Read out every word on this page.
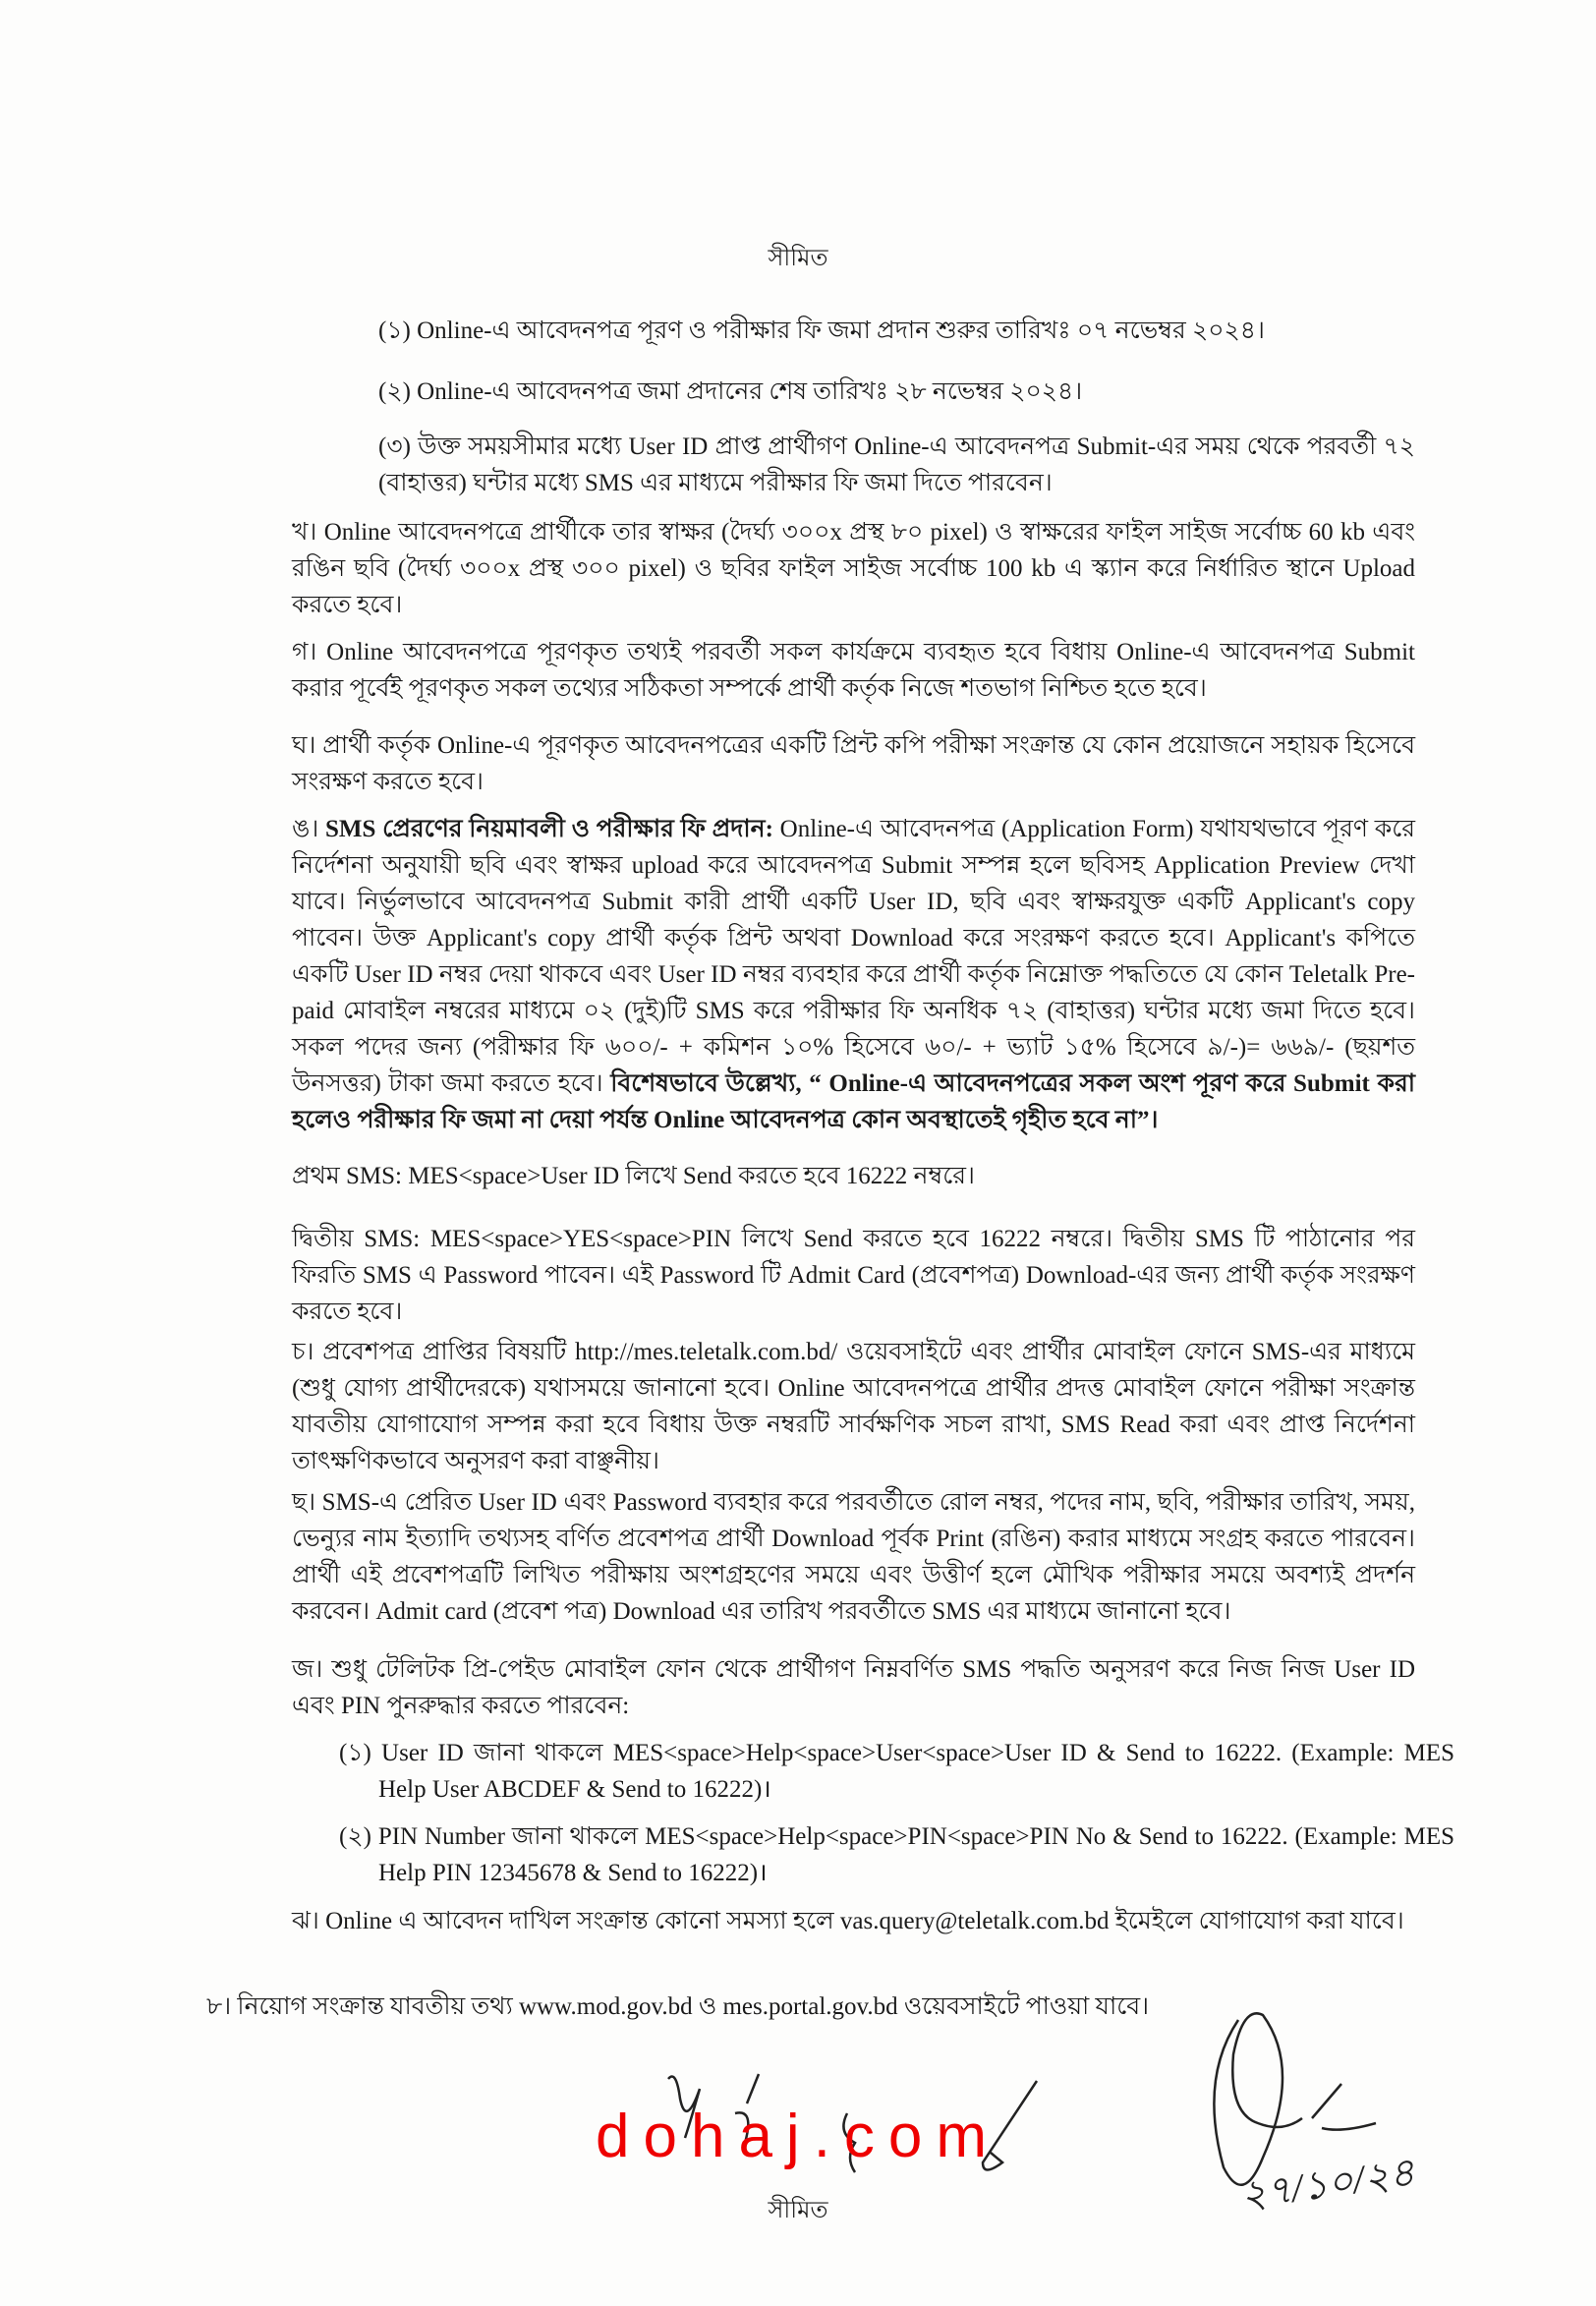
সীমিত
(১) Online-এ আবেদনপত্র পূরণ ও পরীক্ষার ফি জমা প্রদান শুরুর তারিখঃ ০৭ নভেম্বর ২০২৪।
(২) Online-এ আবেদনপত্র জমা প্রদানের শেষ তারিখঃ ২৮ নভেম্বর ২০২৪।
(৩) উক্ত সময়সীমার মধ্যে User ID প্রাপ্ত প্রার্থীগণ Online-এ আবেদনপত্র Submit-এর সময় থেকে পরবর্তী ৭২ (বাহাত্তর) ঘন্টার মধ্যে SMS এর মাধ্যমে পরীক্ষার ফি জমা দিতে পারবেন।
খ। Online আবেদনপত্রে প্রার্থীকে তার স্বাক্ষর (দৈর্ঘ্য ৩০০x প্রস্থ ৮০ pixel) ও স্বাক্ষরের ফাইল সাইজ সর্বোচ্চ 60 kb এবং রঙিন ছবি (দৈর্ঘ্য ৩০০x প্রস্থ ৩০০ pixel) ও ছবির ফাইল সাইজ সর্বোচ্চ 100 kb এ স্ক্যান করে নির্ধারিত স্থানে Upload করতে হবে।
গ। Online আবেদনপত্রে পূরণকৃত তথ্যই পরবর্তী সকল কার্যক্রমে ব্যবহৃত হবে বিধায় Online-এ আবেদনপত্র Submit করার পূর্বেই পূরণকৃত সকল তথ্যের সঠিকতা সম্পর্কে প্রার্থী কর্তৃক নিজে শতভাগ নিশ্চিত হতে হবে।
ঘ। প্রার্থী কর্তৃক Online-এ পূরণকৃত আবেদনপত্রের একটি প্রিন্ট কপি পরীক্ষা সংক্রান্ত যে কোন প্রয়োজনে সহায়ক হিসেবে সংরক্ষণ করতে হবে।
ঙ। SMS প্রেরণের নিয়মাবলী ও পরীক্ষার ফি প্রদান: Online-এ আবেদনপত্র (Application Form) যথাযথভাবে পূরণ করে নির্দেশনা অনুযায়ী ছবি এবং স্বাক্ষর upload করে আবেদনপত্র Submit সম্পন্ন হলে ছবিসহ Application Preview দেখা যাবে। নির্ভুলভাবে আবেদনপত্র Submit কারী প্রার্থী একটি User ID, ছবি এবং স্বাক্ষরযুক্ত একটি Applicant's copy পাবেন। উক্ত Applicant's copy প্রার্থী কর্তৃক প্রিন্ট অথবা Download করে সংরক্ষণ করতে হবে। Applicant's কপিতে একটি User ID নম্বর দেয়া থাকবে এবং User ID নম্বর ব্যবহার করে প্রার্থী কর্তৃক নিম্নোক্ত পদ্ধতিতে যে কোন Teletalk Pre-paid মোবাইল নম্বরের মাধ্যমে ০২ (দুই)টি SMS করে পরীক্ষার ফি অনধিক ৭২ (বাহাত্তর) ঘন্টার মধ্যে জমা দিতে হবে। সকল পদের জন্য (পরীক্ষার ফি ৬০০/- + কমিশন ১০% হিসেবে ৬০/- + ভ্যাট ১৫% হিসেবে ৯/-)= ৬৬৯/- (ছয়শত উনসত্তর) টাকা জমা করতে হবে। বিশেষভাবে উল্লেখ্য, “ Online-এ আবেদনপত্রের সকল অংশ পূরণ করে Submit করা হলেও পরীক্ষার ফি জমা না দেয়া পর্যন্ত Online আবেদনপত্র কোন অবস্থাতেই গৃহীত হবে না”।
প্রথম SMS: MES<space>User ID লিখে Send করতে হবে 16222 নম্বরে।
দ্বিতীয় SMS: MES<space>YES<space>PIN লিখে Send করতে হবে 16222 নম্বরে। দ্বিতীয় SMS টি পাঠানোর পর ফিরতি SMS এ Password পাবেন। এই Password টি Admit Card (প্রবেশপত্র) Download-এর জন্য প্রার্থী কর্তৃক সংরক্ষণ করতে হবে।
চ। প্রবেশপত্র প্রাপ্তির বিষয়টি http://mes.teletalk.com.bd/ ওয়েবসাইটে এবং প্রার্থীর মোবাইল ফোনে SMS-এর মাধ্যমে (শুধু যোগ্য প্রার্থীদেরকে) যথাসময়ে জানানো হবে। Online আবেদনপত্রে প্রার্থীর প্রদত্ত মোবাইল ফোনে পরীক্ষা সংক্রান্ত যাবতীয় যোগাযোগ সম্পন্ন করা হবে বিধায় উক্ত নম্বরটি সার্বক্ষণিক সচল রাখা, SMS Read করা এবং প্রাপ্ত নির্দেশনা তাৎক্ষণিকভাবে অনুসরণ করা বাঞ্ছনীয়।
ছ। SMS-এ প্রেরিত User ID এবং Password ব্যবহার করে পরবর্তীতে রোল নম্বর, পদের নাম, ছবি, পরীক্ষার তারিখ, সময়, ভেন্যুর নাম ইত্যাদি তথ্যসহ বর্ণিত প্রবেশপত্র প্রার্থী Download পূর্বক Print (রঙিন) করার মাধ্যমে সংগ্রহ করতে পারবেন। প্রার্থী এই প্রবেশপত্রটি লিখিত পরীক্ষায় অংশগ্রহণের সময়ে এবং উত্তীর্ণ হলে মৌখিক পরীক্ষার সময়ে অবশ্যই প্রদর্শন করবেন। Admit card (প্রবেশ পত্র) Download এর তারিখ পরবর্তীতে SMS এর মাধ্যমে জানানো হবে।
জ। শুধু টেলিটক প্রি-পেইড মোবাইল ফোন থেকে প্রার্থীগণ নিম্নবর্ণিত SMS পদ্ধতি অনুসরণ করে নিজ নিজ User ID এবং PIN পুনরুদ্ধার করতে পারবেন:
(১) User ID জানা থাকলে MES<space>Help<space>User<space>User ID & Send to 16222. (Example: MES Help User ABCDEF & Send to 16222)।
(২) PIN Number জানা থাকলে MES<space>Help<space>PIN<space>PIN No & Send to 16222. (Example: MES Help PIN 12345678 & Send to 16222)।
ঝ। Online এ আবেদন দাখিল সংক্রান্ত কোনো সমস্যা হলে vas.query@teletalk.com.bd ইমেইলে যোগাযোগ করা যাবে।
৮। নিয়োগ সংক্রান্ত যাবতীয় তথ্য www.mod.gov.bd ও mes.portal.gov.bd ওয়েবসাইটে পাওয়া যাবে।
২৭/১০/২৪
dohaj.com
সীমিত
